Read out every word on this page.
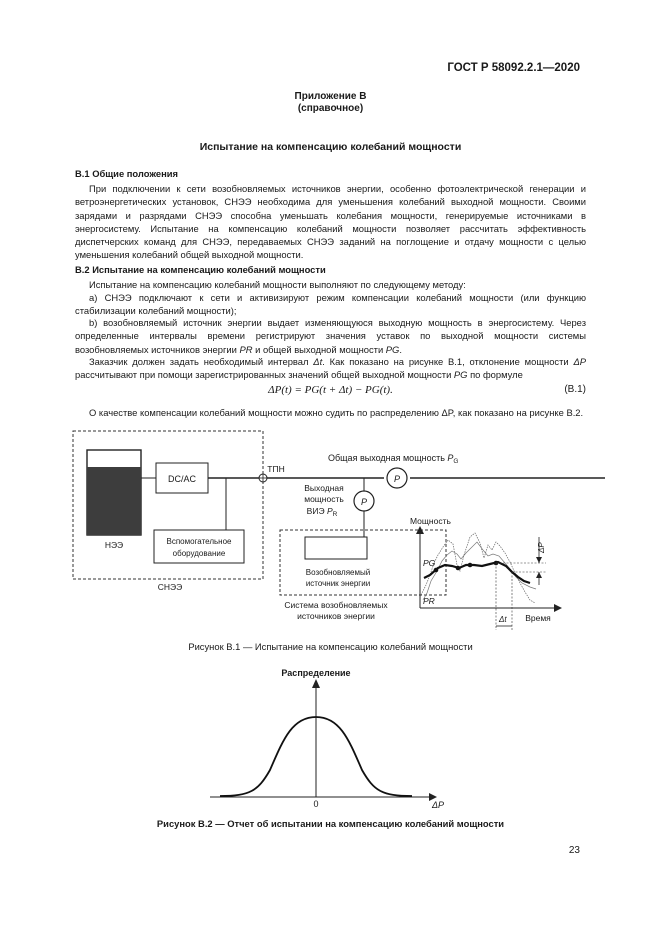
ГОСТ Р 58092.2.1—2020
Приложение В
(справочное)
Испытание на компенсацию колебаний мощности
В.1 Общие положения
При подключении к сети возобновляемых источников энергии, особенно фотоэлектрической генерации и ветроэнергетических установок, СНЭЭ необходима для уменьшения колебаний выходной мощности. Своими зарядами и разрядами СНЭЭ способна уменьшать колебания мощности, генерируемые источниками в энергосистему. Испытание на компенсацию колебаний мощности позволяет рассчитать эффективность диспетчерских команд для СНЭЭ, передаваемых СНЭЭ заданий на поглощение и отдачу мощности с целью уменьшения колебаний общей выходной мощности.
В.2 Испытание на компенсацию колебаний мощности
Испытание на компенсацию колебаний мощности выполняют по следующему методу:
а) СНЭЭ подключают к сети и активизируют режим компенсации колебаний мощности (или функцию стабилизации колебаний мощности);
b) возобновляемый источник энергии выдает изменяющуюся выходную мощность в энергосистему. Через определенные интервалы времени регистрируют значения уставок по выходной мощности системы возобновляемых источников энергии PR и общей выходной мощности PG.
Заказчик должен задать необходимый интервал Δt. Как показано на рисунке В.1, отклонение мощности ΔP рассчитывают при помощи зарегистрированных значений общей выходной мощности PG по формуле
ΔP(t) = PG(t + Δt) − PG(t).	(В.1)
О качестве компенсации колебаний мощности можно судить по распределению ΔP, как показано на рисунке В.2.
НЭЭ
DC/AC
Вспомогательное
оборудование
СНЭЭ
ТПН
P
Общая выходная мощность $P_G$
P
Выходная
мощность
ВИЭ $P_R$
Возобновляемый
источник энергии
Система возобновляемых
источников энергии
Мощность
Время
PG
PR
ΔP
Δt
Рисунок В.1 — Испытание на компенсацию колебаний мощности
Распределение
0	ΔP
Рисунок В.2 — Отчет об испытании на компенсацию колебаний мощности
23
